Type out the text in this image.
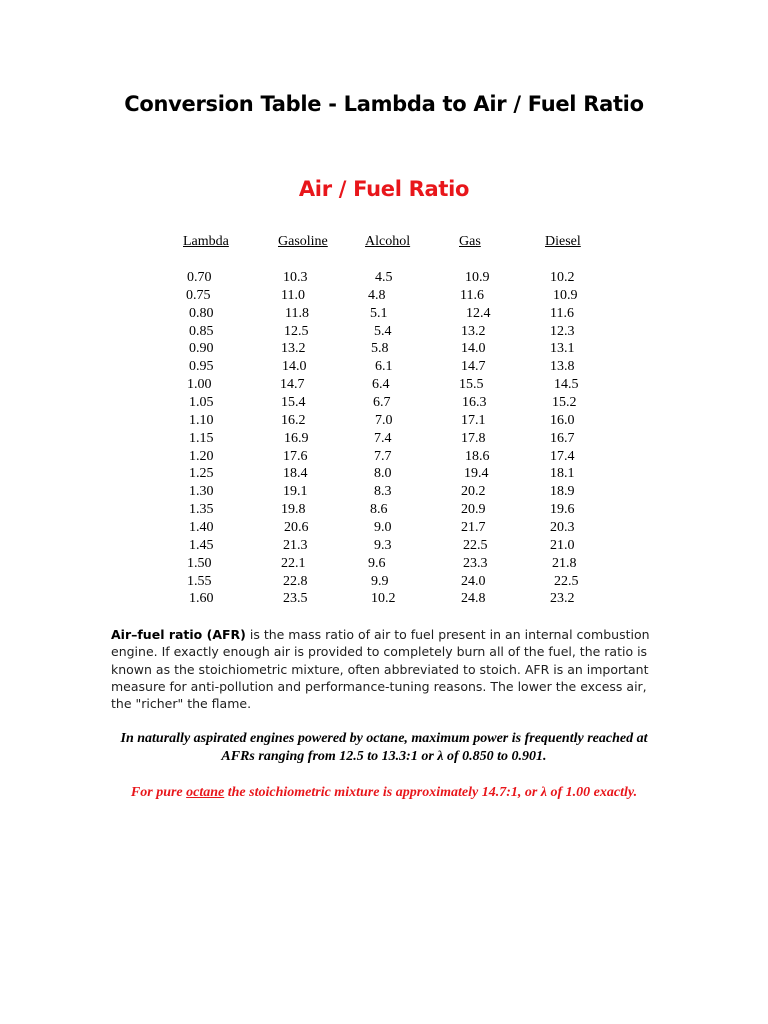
Conversion Table - Lambda to Air / Fuel Ratio
Air / Fuel Ratio
Lambda	Gasoline	Alcohol	Gas	Diesel
0.70	10.3	4.5	10.9	10.2
0.75	11.0	4.8	11.6	10.9
0.80	11.8	5.1	12.4	11.6
0.85	12.5	5.4	13.2	12.3
0.90	13.2	5.8	14.0	13.1
0.95	14.0	6.1	14.7	13.8
1.00	14.7	6.4	15.5	14.5
1.05	15.4	6.7	16.3	15.2
1.10	16.2	7.0	17.1	16.0
1.15	16.9	7.4	17.8	16.7
1.20	17.6	7.7	18.6	17.4
1.25	18.4	8.0	19.4	18.1
1.30	19.1	8.3	20.2	18.9
1.35	19.8	8.6	20.9	19.6
1.40	20.6	9.0	21.7	20.3
1.45	21.3	9.3	22.5	21.0
1.50	22.1	9.6	23.3	21.8
1.55	22.8	9.9	24.0	22.5
1.60	23.5	10.2	24.8	23.2
Air–fuel ratio (AFR) is the mass ratio of air to fuel present in an internal combustion engine. If exactly enough air is provided to completely burn all of the fuel, the ratio is known as the stoichiometric mixture, often abbreviated to stoich. AFR is an important measure for anti-pollution and performance-tuning reasons. The lower the excess air, the "richer" the flame.
In naturally aspirated engines powered by octane, maximum power is frequently reached at AFRs ranging from 12.5 to 13.3:1 or λ of 0.850 to 0.901.
For pure octane the stoichiometric mixture is approximately 14.7:1, or λ of 1.00 exactly.
